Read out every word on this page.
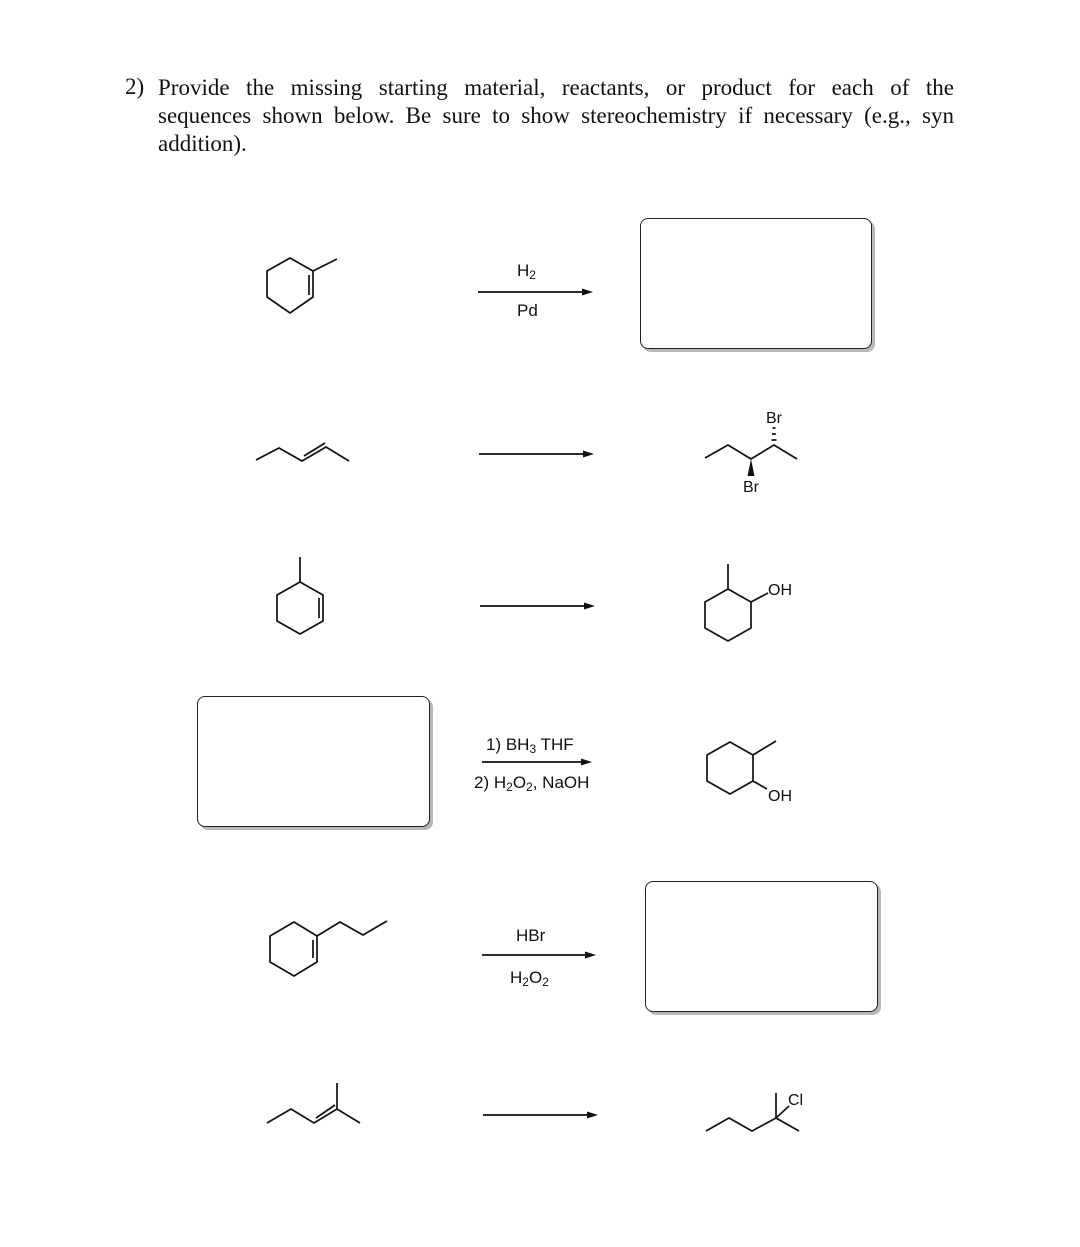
2) Provide the missing starting material, reactants, or product for each of the
sequences shown below. Be sure to show stereochemistry if necessary (e.g., syn
addition).
$H_2$
Pd
1) $BH_3$ THF
2) $H_2O_2$, NaOH
HBr
$H_2O_2$
Br
Br
OH
OH
Cl
